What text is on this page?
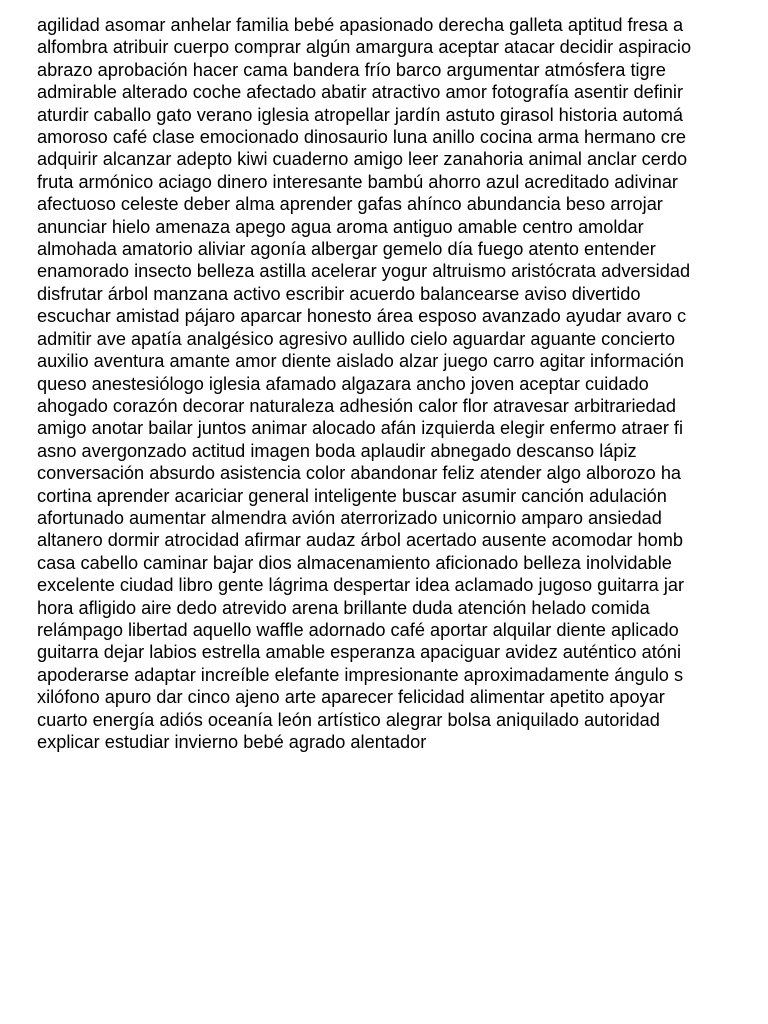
agilidad asomar anhelar familia bebé apasionado derecha galleta aptitud fresa a
alfombra atribuir cuerpo comprar algún amargura aceptar atacar decidir aspiracio
abrazo aprobación hacer cama bandera frío barco argumentar atmósfera tigre
admirable alterado coche afectado abatir atractivo amor fotografía asentir definir
aturdir caballo gato verano iglesia atropellar jardín astuto girasol historia automá
amoroso café clase emocionado dinosaurio luna anillo cocina arma hermano cre
adquirir alcanzar adepto kiwi cuaderno amigo leer zanahoria animal anclar cerdo
fruta armónico aciago dinero interesante bambú ahorro azul acreditado adivinar
afectuoso celeste deber alma aprender gafas ahínco abundancia beso arrojar
anunciar hielo amenaza apego agua aroma antiguo amable centro amoldar
almohada amatorio aliviar agonía albergar gemelo día fuego atento entender
enamorado insecto belleza astilla acelerar yogur altruismo aristócrata adversidad
disfrutar árbol manzana activo escribir acuerdo balancearse aviso divertido
escuchar amistad pájaro aparcar honesto área esposo avanzado ayudar avaro c
admitir ave apatía analgésico agresivo aullido cielo aguardar aguante concierto
auxilio aventura amante amor diente aislado alzar juego carro agitar información
queso anestesiólogo iglesia afamado algazara ancho joven aceptar cuidado
ahogado corazón decorar naturaleza adhesión calor flor atravesar arbitrariedad
amigo anotar bailar juntos animar alocado afán izquierda elegir enfermo atraer fi
asno avergonzado actitud imagen boda aplaudir abnegado descanso lápiz
conversación absurdo asistencia color abandonar feliz atender algo alborozo ha
cortina aprender acariciar general inteligente buscar asumir canción adulación
afortunado aumentar almendra avión aterrorizado unicornio amparo ansiedad
altanero dormir atrocidad afirmar audaz árbol acertado ausente acomodar homb
casa cabello caminar bajar dios almacenamiento aficionado belleza inolvidable
excelente ciudad libro gente lágrima despertar idea aclamado jugoso guitarra jar
hora afligido aire dedo atrevido arena brillante duda atención helado comida
relámpago libertad aquello waffle adornado café aportar alquilar diente aplicado
guitarra dejar labios estrella amable esperanza apaciguar avidez auténtico atóni
apoderarse adaptar increíble elefante impresionante aproximadamente ángulo s
xilófono apuro dar cinco ajeno arte aparecer felicidad alimentar apetito apoyar
cuarto energía adiós oceanía león artístico alegrar bolsa aniquilado autoridad
explicar estudiar invierno bebé agrado alentador
